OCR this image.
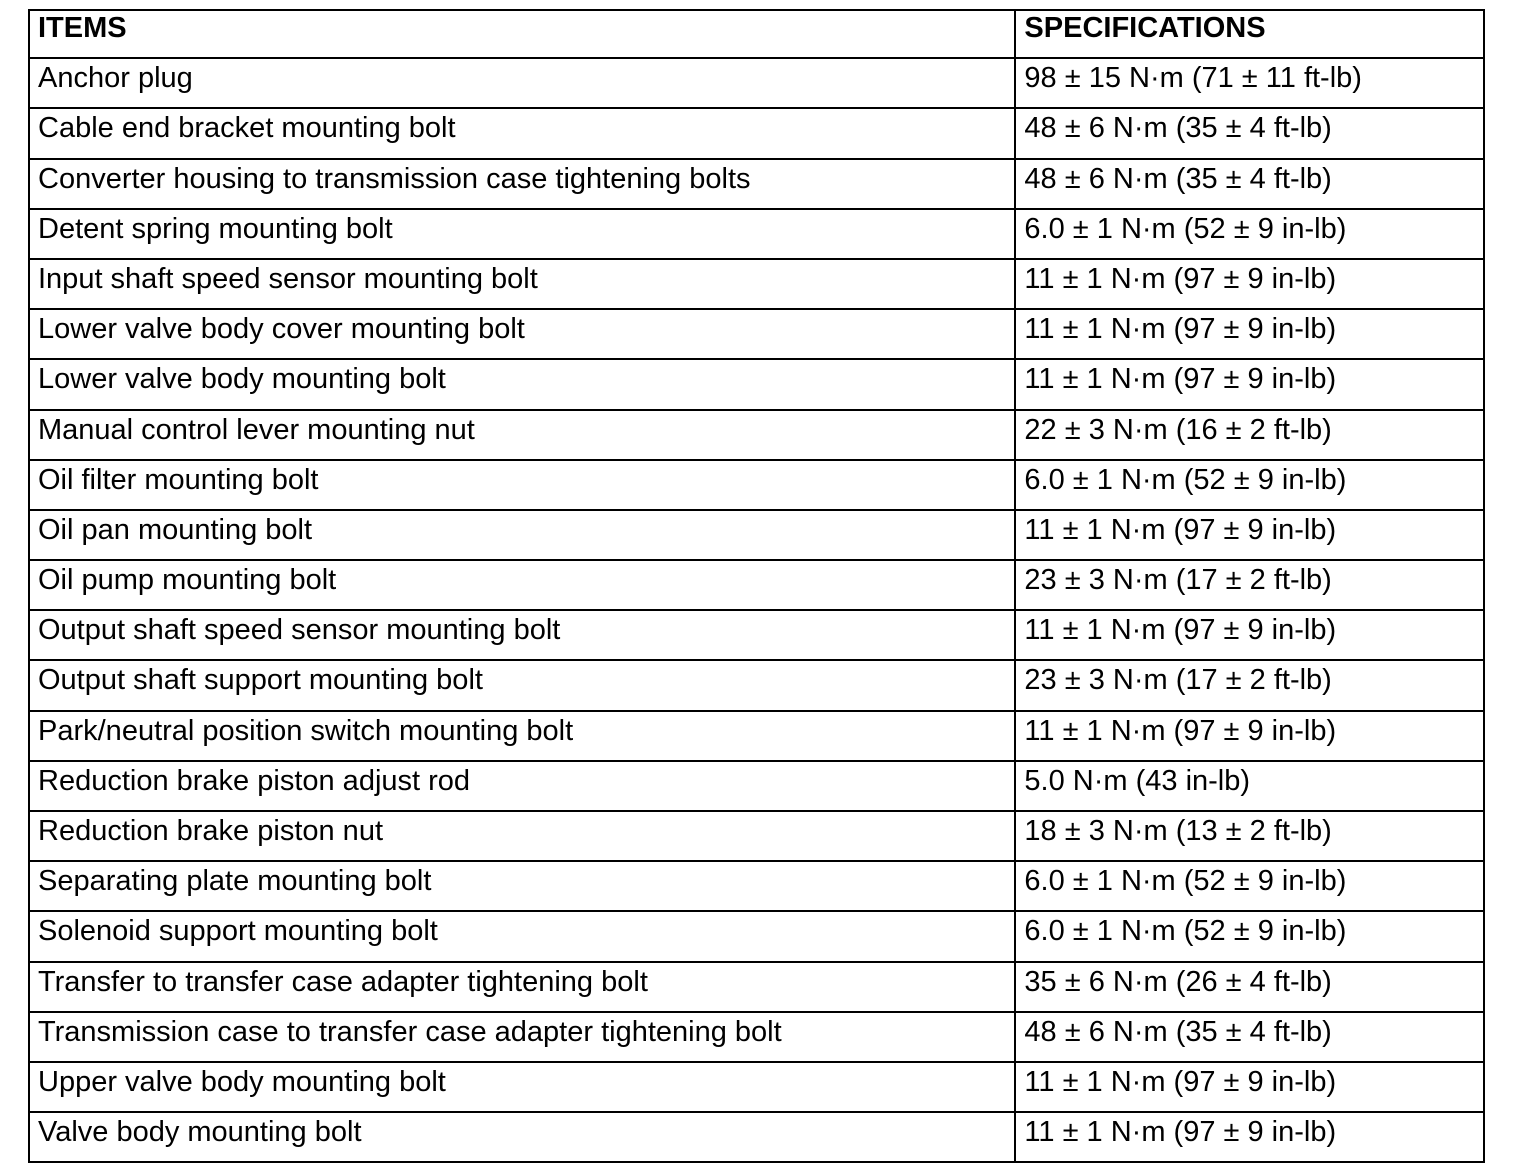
ITEMS	SPECIFICATIONS
Anchor plug	98 ± 15 N·m (71 ± 11 ft-lb)
Cable end bracket mounting bolt	48 ± 6 N·m (35 ± 4 ft-lb)
Converter housing to transmission case tightening bolts	48 ± 6 N·m (35 ± 4 ft-lb)
Detent spring mounting bolt	6.0 ± 1 N·m (52 ± 9 in-lb)
Input shaft speed sensor mounting bolt	11 ± 1 N·m (97 ± 9 in-lb)
Lower valve body cover mounting bolt	11 ± 1 N·m (97 ± 9 in-lb)
Lower valve body mounting bolt	11 ± 1 N·m (97 ± 9 in-lb)
Manual control lever mounting nut	22 ± 3 N·m (16 ± 2 ft-lb)
Oil filter mounting bolt	6.0 ± 1 N·m (52 ± 9 in-lb)
Oil pan mounting bolt	11 ± 1 N·m (97 ± 9 in-lb)
Oil pump mounting bolt	23 ± 3 N·m (17 ± 2 ft-lb)
Output shaft speed sensor mounting bolt	11 ± 1 N·m (97 ± 9 in-lb)
Output shaft support mounting bolt	23 ± 3 N·m (17 ± 2 ft-lb)
Park/neutral position switch mounting bolt	11 ± 1 N·m (97 ± 9 in-lb)
Reduction brake piston adjust rod	5.0 N·m (43 in-lb)
Reduction brake piston nut	18 ± 3 N·m (13 ± 2 ft-lb)
Separating plate mounting bolt	6.0 ± 1 N·m (52 ± 9 in-lb)
Solenoid support mounting bolt	6.0 ± 1 N·m (52 ± 9 in-lb)
Transfer to transfer case adapter tightening bolt	35 ± 6 N·m (26 ± 4 ft-lb)
Transmission case to transfer case adapter tightening bolt	48 ± 6 N·m (35 ± 4 ft-lb)
Upper valve body mounting bolt	11 ± 1 N·m (97 ± 9 in-lb)
Valve body mounting bolt	11 ± 1 N·m (97 ± 9 in-lb)
